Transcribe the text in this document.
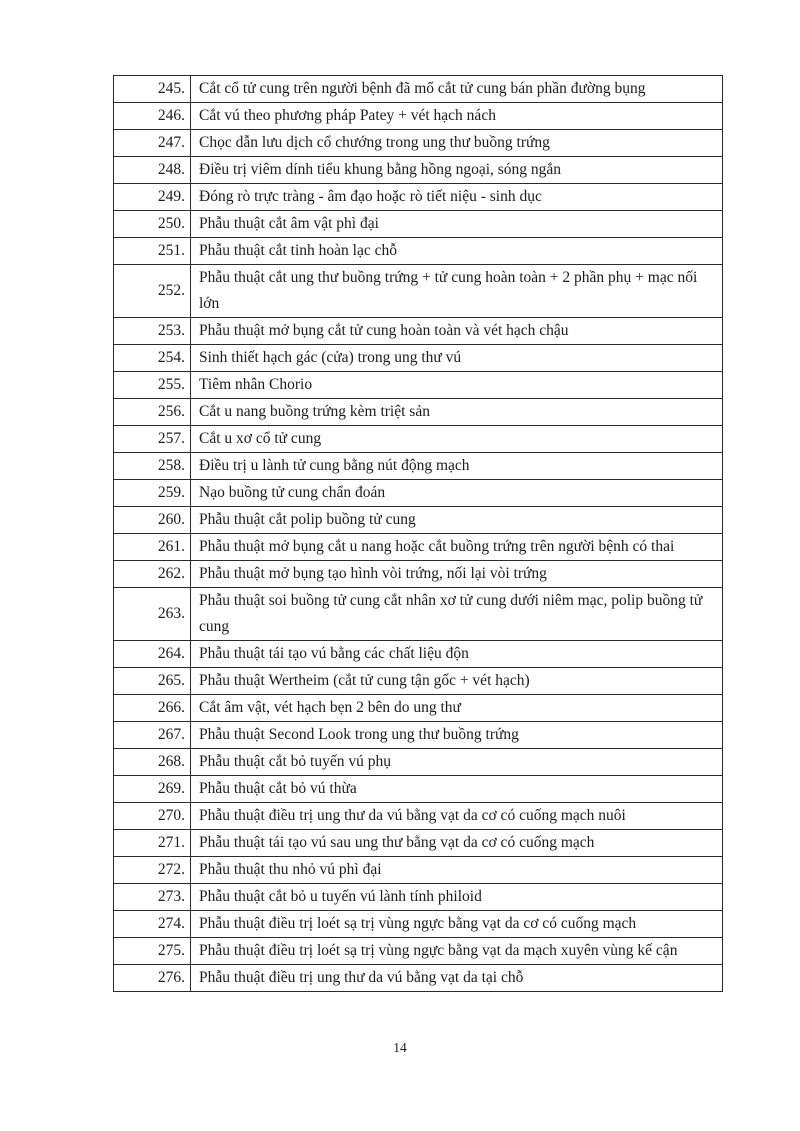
245.	Cắt cổ tử cung trên người bệnh đã mổ cắt tử cung bán phần đường bụng
246.	Cắt vú theo phương pháp Patey + vét hạch nách
247.	Chọc dẫn lưu dịch cổ chướng trong ung thư buồng trứng
248.	Điều trị viêm dính tiểu khung bằng hồng ngoại, sóng ngắn
249.	Đóng rò trực tràng - âm đạo hoặc rò tiết niệu - sinh dục
250.	Phẫu thuật cắt âm vật phì đại
251.	Phẫu thuật cắt tinh hoàn lạc chỗ
252.	Phẫu thuật cắt ung thư buồng trứng + tử cung hoàn toàn + 2 phần phụ + mạc nối lớn
253.	Phẫu thuật mở bụng cắt tử cung hoàn toàn và vét hạch chậu
254.	Sinh thiết hạch gác (cửa) trong ung thư vú
255.	Tiêm nhân Chorio
256.	Cắt u nang buồng trứng kèm triệt sản
257.	Cắt u xơ cổ tử cung
258.	Điều trị u lành tử cung bằng nút động mạch
259.	Nạo buồng tử cung chẩn đoán
260.	Phẫu thuật cắt polip buồng tử cung
261.	Phẫu thuật mở bụng cắt u nang hoặc cắt buồng trứng trên người bệnh có thai
262.	Phẫu thuật mở bụng tạo hình vòi trứng, nối lại vòi trứng
263.	Phẫu thuật soi buồng tử cung cắt nhân xơ tử cung dưới niêm mạc, polip buồng tử cung
264.	Phẫu thuật tái tạo vú bằng các chất liệu độn
265.	Phẫu thuật Wertheim (cắt tử cung tận gốc + vét hạch)
266.	Cắt âm vật, vét hạch bẹn 2 bên do ung thư
267.	Phẫu thuật Second Look trong ung thư buồng trứng
268.	Phẫu thuật cắt bỏ tuyến vú phụ
269.	Phẫu thuật cắt bỏ vú thừa
270.	Phẫu thuật điều trị ung thư da vú bằng vạt da cơ có cuống mạch nuôi
271.	Phẫu thuật tái tạo vú sau ung thư bằng vạt da cơ có cuống mạch
272.	Phẫu thuật thu nhỏ vú phì đại
273.	Phẫu thuật cắt bỏ u tuyến vú lành tính philoid
274.	Phẫu thuật điều trị loét sạ trị vùng ngực bằng vạt da cơ có cuống mạch
275.	Phẫu thuật điều trị loét sạ trị vùng ngực bằng vạt da mạch xuyên vùng kế cận
276.	Phẫu thuật điều trị ung thư da vú bằng vạt da tại chỗ
14
